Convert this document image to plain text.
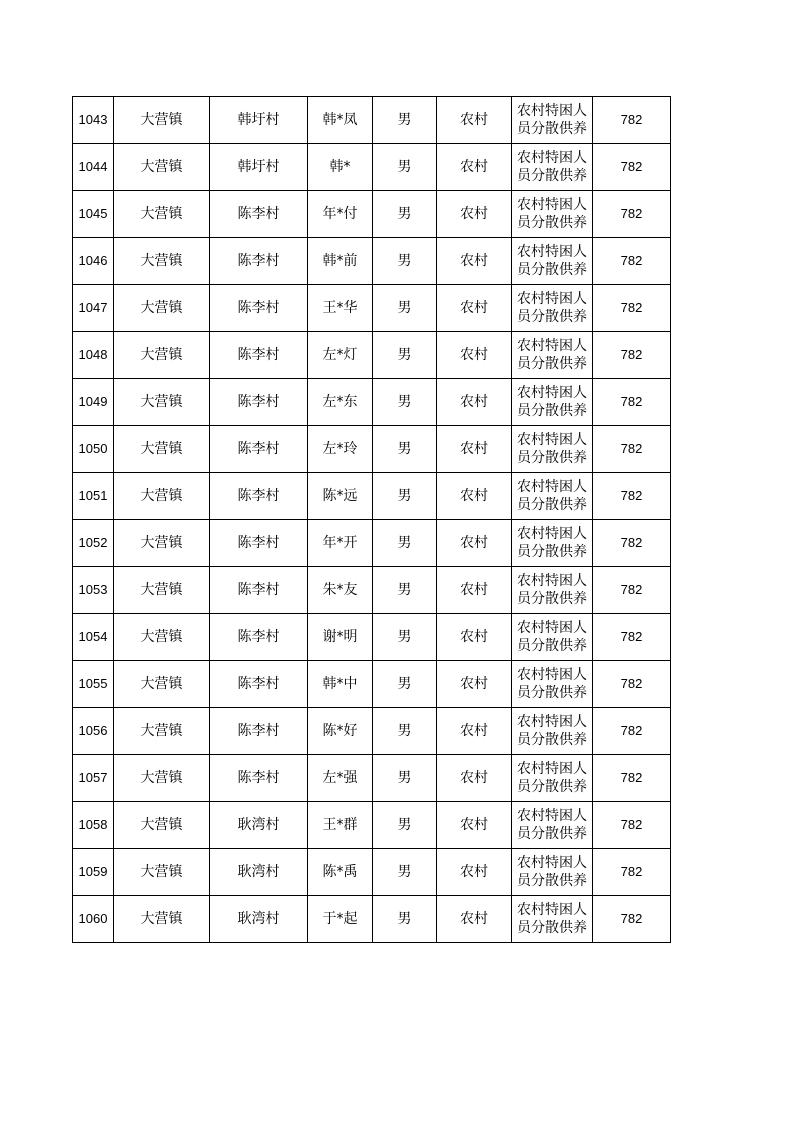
1043	大营镇	韩圩村	韩*凤	男	农村	农村特困人
员分散供养	782
1044	大营镇	韩圩村	韩*	男	农村	农村特困人
员分散供养	782
1045	大营镇	陈李村	年*付	男	农村	农村特困人
员分散供养	782
1046	大营镇	陈李村	韩*前	男	农村	农村特困人
员分散供养	782
1047	大营镇	陈李村	王*华	男	农村	农村特困人
员分散供养	782
1048	大营镇	陈李村	左*灯	男	农村	农村特困人
员分散供养	782
1049	大营镇	陈李村	左*东	男	农村	农村特困人
员分散供养	782
1050	大营镇	陈李村	左*玲	男	农村	农村特困人
员分散供养	782
1051	大营镇	陈李村	陈*远	男	农村	农村特困人
员分散供养	782
1052	大营镇	陈李村	年*开	男	农村	农村特困人
员分散供养	782
1053	大营镇	陈李村	朱*友	男	农村	农村特困人
员分散供养	782
1054	大营镇	陈李村	谢*明	男	农村	农村特困人
员分散供养	782
1055	大营镇	陈李村	韩*中	男	农村	农村特困人
员分散供养	782
1056	大营镇	陈李村	陈*好	男	农村	农村特困人
员分散供养	782
1057	大营镇	陈李村	左*强	男	农村	农村特困人
员分散供养	782
1058	大营镇	耿湾村	王*群	男	农村	农村特困人
员分散供养	782
1059	大营镇	耿湾村	陈*禹	男	农村	农村特困人
员分散供养	782
1060	大营镇	耿湾村	于*起	男	农村	农村特困人
员分散供养	782
